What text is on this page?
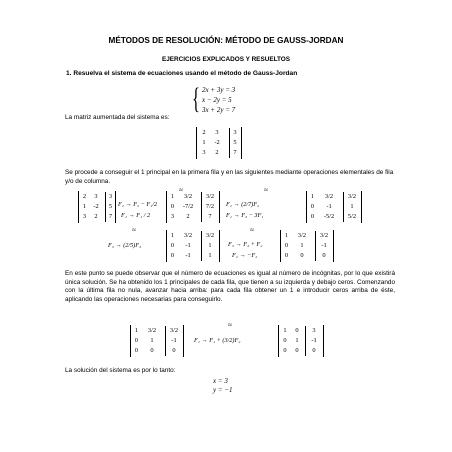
MÉTODOS DE RESOLUCIÓN: MÉTODO DE GAUSS-JORDAN
EJERCICIOS EXPLICADOS Y RESUELTOS
1. Resuelva el sistema de ecuaciones usando el método de Gauss-Jordan
{ 2x + 3y = 3
x − 2y = 5
3x + 2y = 7
La matriz aumentada del sistema es:
2	3	3
1	-2	5
3	2	7
Se procede a conseguir el 1 principal en la primera fila y en las siguientes mediante operaciones elementales de fila y/o de columna.
2	3	3
1	-2	5
3	2	7
F₂ → F₂ − F₁/2
F₁ → F₁ / 2
≈
1	3/2	3/2
0	-7/2	7/2
3	2	7
≈
F₂ → (2/7)F₂
F₁ → F₃ − 3F₁
1	3/2	3/2
0	-1	1
0	-5/2	5/2
≈
F₃ → (2/5)F₃
1	3/2	3/2
0	-1	1
0	-1	1
≈
F₃ → F₃ + F₂
F₂ → −F₂
1	3/2	3/2
0	1	-1
0	0	0
En este punto se puede observar que el número de ecuaciones es igual al número de incógnitas, por lo que existirá única solución. Se ha obtenido los 1 principales de cada fila, que tienen a su izquierda y debajo ceros. Comenzando con la última fila no nula, avanzar hacia arriba: para cada fila obtener un 1 e introducir ceros arriba de éste, aplicando las operaciones necesarias para conseguirlo.
1	3/2	3/2
0	1	-1
0	0	0
≈
F₁ → F₁ + (3/2)F₂
1	0	3
0	1	-1
0	0	0
La solución del sistema es por lo tanto:
x = 3
y = −1
